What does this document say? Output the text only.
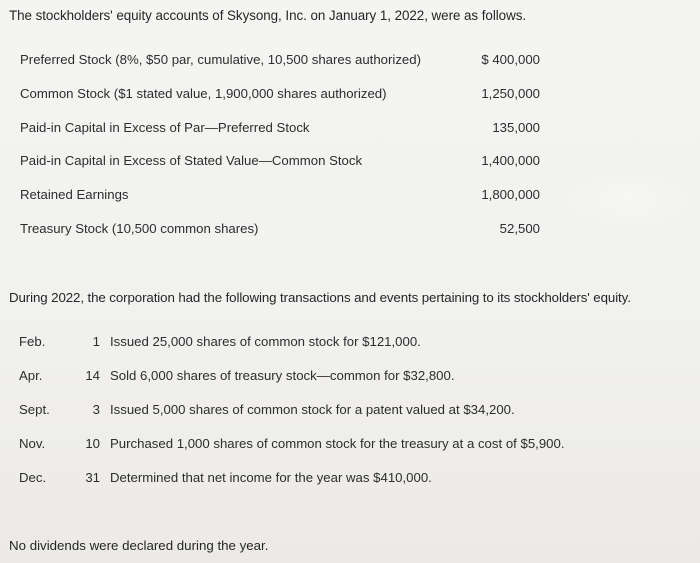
The stockholders' equity accounts of Skysong, Inc. on January 1, 2022, were as follows.
Preferred Stock (8%, $50 par, cumulative, 10,500 shares authorized)	$ 400,000
Common Stock ($1 stated value, 1,900,000 shares authorized)	1,250,000
Paid-in Capital in Excess of Par—Preferred Stock	135,000
Paid-in Capital in Excess of Stated Value—Common Stock	1,400,000
Retained Earnings	1,800,000
Treasury Stock (10,500 common shares)	52,500
During 2022, the corporation had the following transactions and events pertaining to its stockholders' equity.
Feb.	1 Issued 25,000 shares of common stock for $121,000.
Apr.	14 Sold 6,000 shares of treasury stock—common for $32,800.
Sept.	3 Issued 5,000 shares of common stock for a patent valued at $34,200.
Nov.	10 Purchased 1,000 shares of common stock for the treasury at a cost of $5,900.
Dec.	31 Determined that net income for the year was $410,000.
No dividends were declared during the year.
